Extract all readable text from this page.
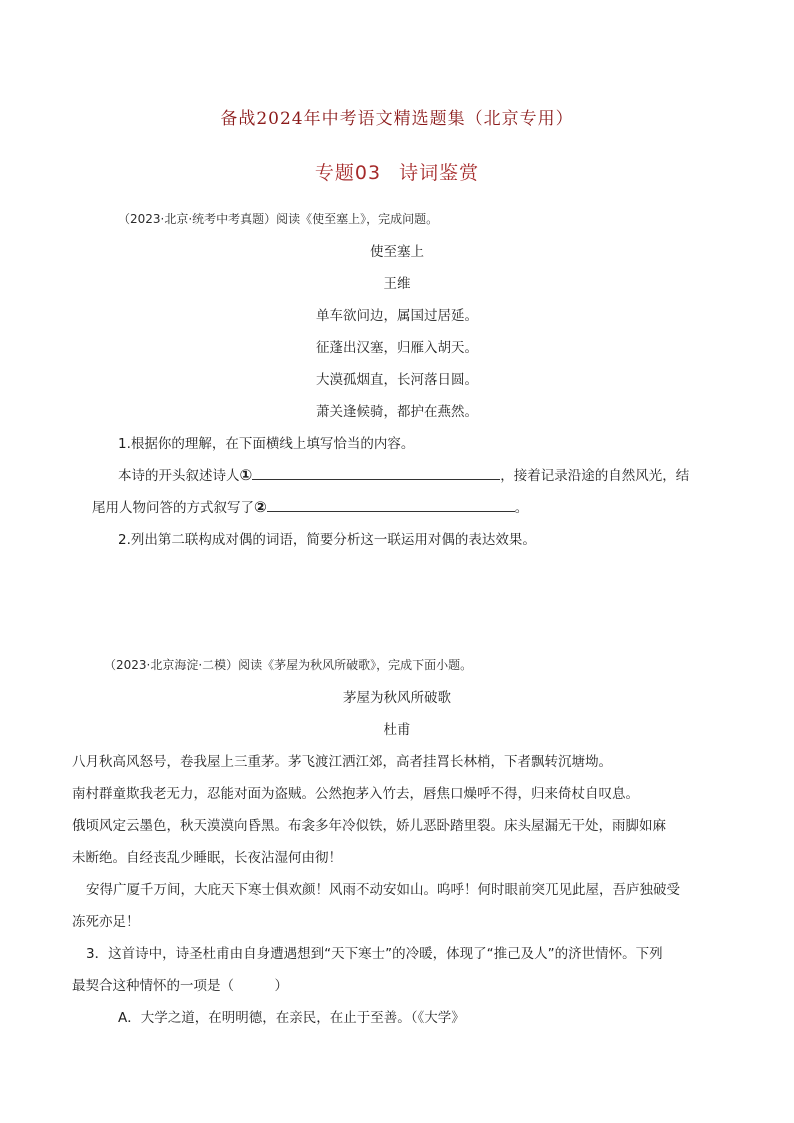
备战2024年中考语文精选题集（北京专用）
专题03 诗词鉴赏
（2023·北京·统考中考真题）阅读《使至塞上》，完成问题。
使至塞上
王维
单车欲问边，属国过居延。
征蓬出汉塞，归雁入胡天。
大漠孤烟直，长河落日圆。
萧关逢候骑，都护在燕然。
1.根据你的理解，在下面横线上填写恰当的内容。
本诗的开头叙述诗人①	，接着记录沿途的自然风光，结
尾用人物问答的方式叙写了②	。
2.列出第二联构成对偶的词语，简要分析这一联运用对偶的表达效果。
（2023·北京海淀·二模）阅读《茅屋为秋风所破歌》，完成下面小题。
茅屋为秋风所破歌
杜甫
八月秋高风怒号，卷我屋上三重茅。茅飞渡江洒江郊，高者挂罥长林梢，下者飘转沉塘坳。
南村群童欺我老无力，忍能对面为盗贼。公然抱茅入竹去，唇焦口燥呼不得，归来倚杖自叹息。
俄顷风定云墨色，秋天漠漠向昏黑。布衾多年冷似铁，娇儿恶卧踏里裂。床头屋漏无干处，雨脚如麻
未断绝。自经丧乱少睡眠，长夜沾湿何由彻！
安得广厦千万间，大庇天下寒士俱欢颜！风雨不动安如山。呜呼！何时眼前突兀见此屋，吾庐独破受
冻死亦足！
3．这首诗中，诗圣杜甫由自身遭遇想到“天下寒士”的冷暖，体现了“推己及人”的济世情怀。下列
最契合这种情怀的一项是（　　　）
A．大学之道，在明明德，在亲民，在止于至善。（《大学》
